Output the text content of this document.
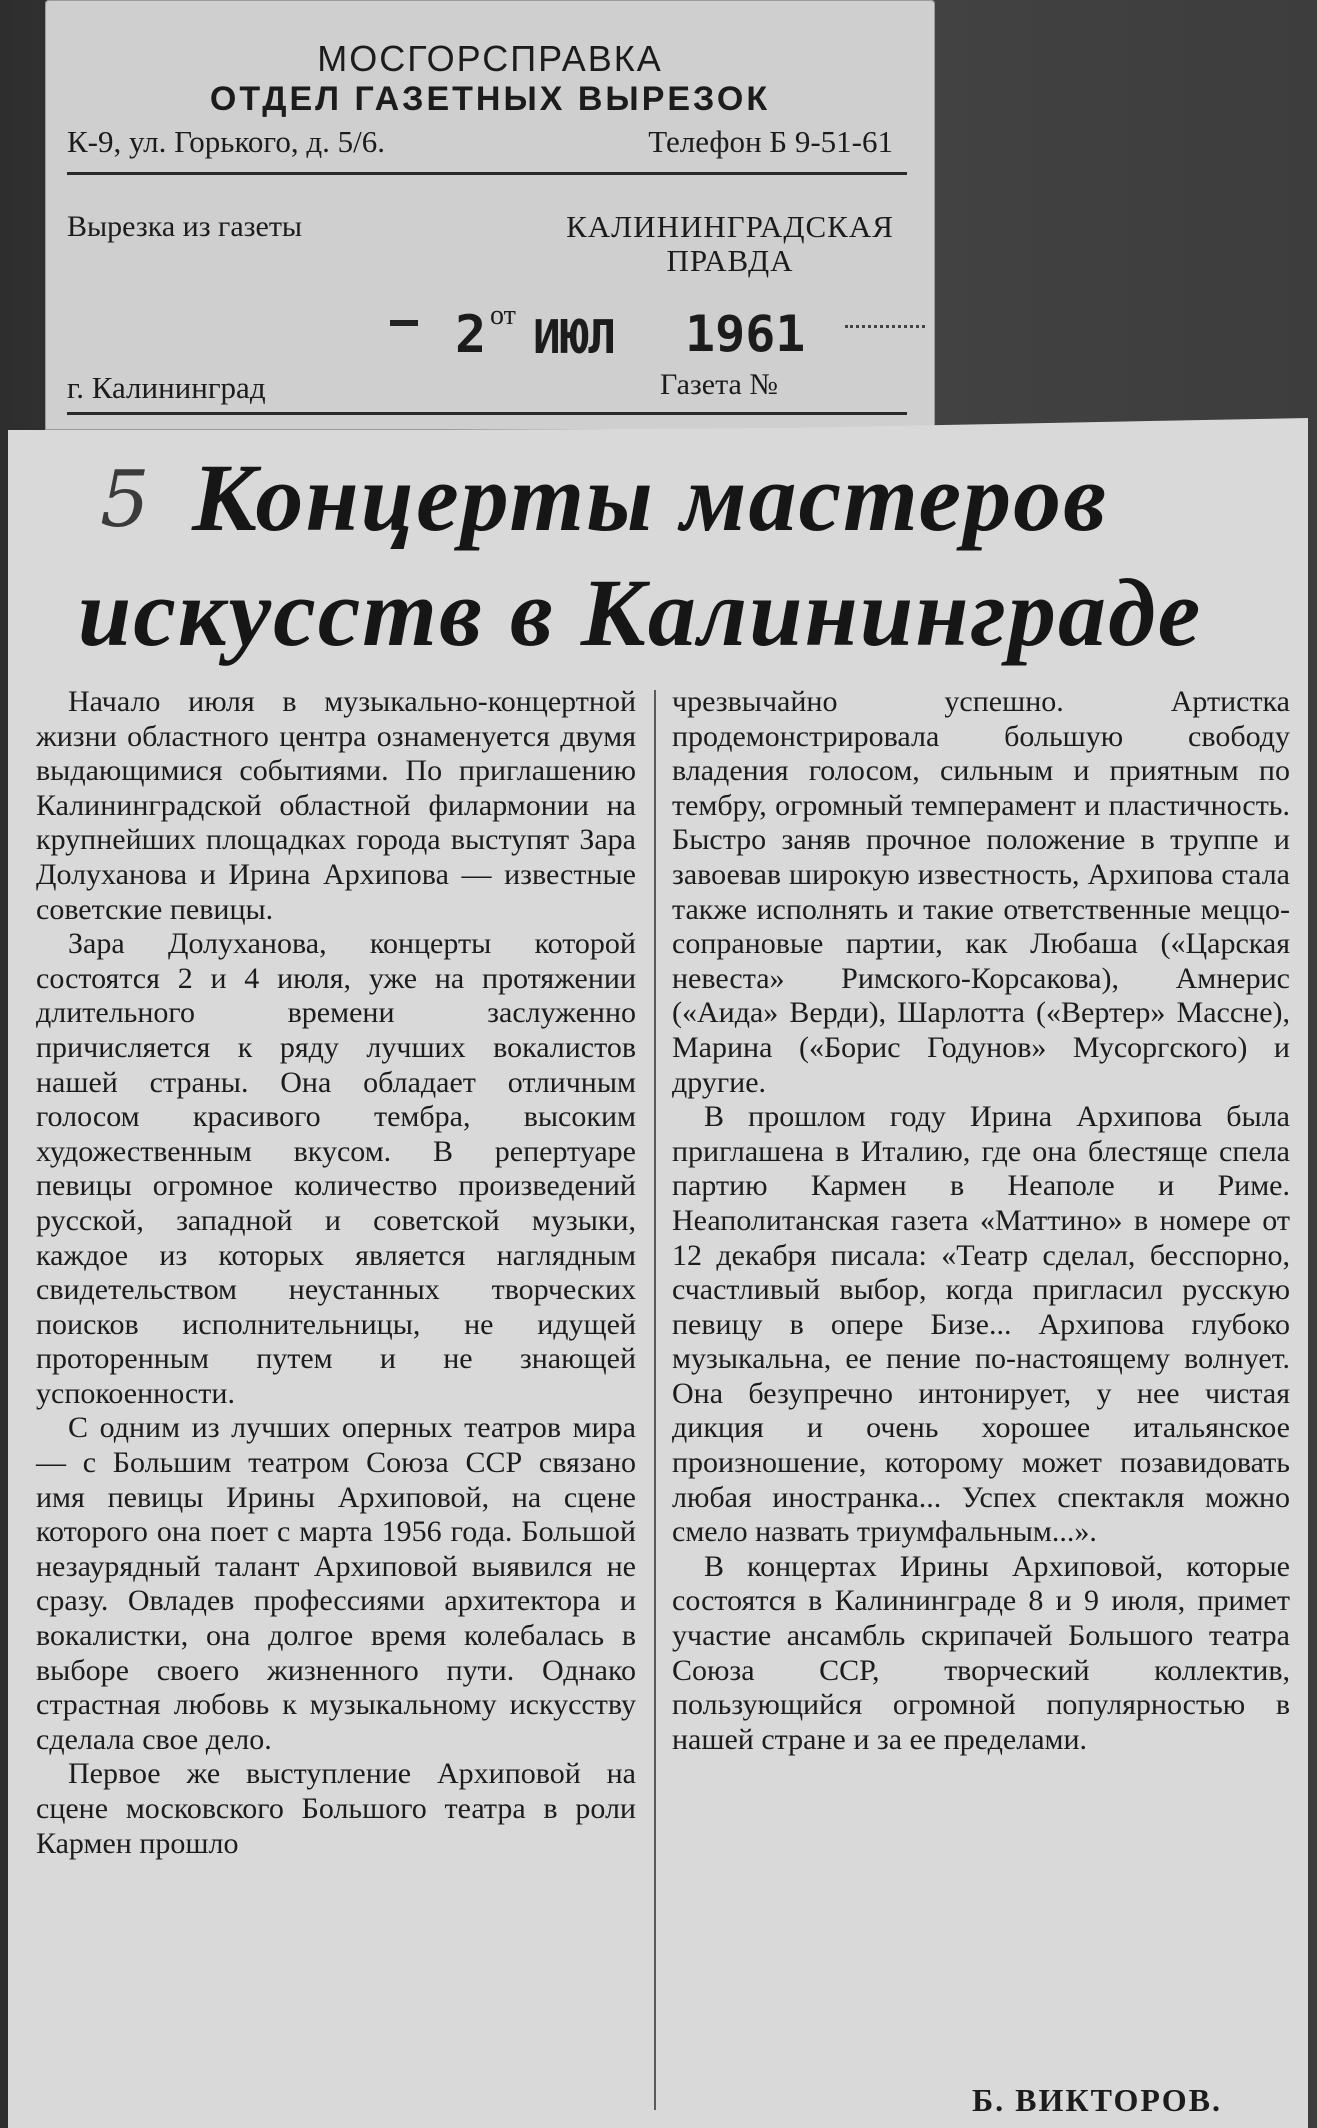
МОСГОРСПРАВКА
ОТДЕЛ ГАЗЕТНЫХ ВЫРЕЗОК
К-9, ул. Горького, д. 5/6.	Телефон Б 9-51-61
Вырезка из газеты	КАЛИНИНГРАДСКАЯ
ПРАВДА
2 от ИЮЛ 1961
г. Калининград	Газета №
5 Концерты мастеров
искусств в Калининграде

Начало июля в музыкально-концертной жизни областного центра ознаменуется двумя выдающимися событиями. По приглашению Калининградской областной филармонии на крупнейших площадках города выступят Зара Долуханова и Ирина Архипова — известные советские певицы.

Зара Долуханова, концерты которой состоятся 2 и 4 июля, уже на протяжении длительного времени заслуженно причисляется к ряду лучших вокалистов нашей страны. Она обладает отличным голосом красивого тембра, высоким художественным вкусом. В репертуаре певицы огромное количество произведений русской, западной и советской музыки, каждое из которых является наглядным свидетельством неустанных творческих поисков исполнительницы, не идущей проторенным путем и не знающей успокоенности.

С одним из лучших оперных театров мира — с Большим театром Союза ССР связано имя певицы Ирины Архиповой, на сцене которого она поет с марта 1956 года. Большой незаурядный талант Архиповой выявился не сразу. Овладев профессиями архитектора и вокалистки, она долгое время колебалась в выборе своего жизненного пути. Однако страстная любовь к музыкальному искусству сделала свое дело.

Первое же выступление Архиповой на сцене московского Большого театра в роли Кармен прошло

чрезвычайно успешно. Артистка продемонстрировала большую свободу владения голосом, сильным и приятным по тембру, огромный темперамент и пластичность. Быстро заняв прочное положение в труппе и завоевав широкую известность, Архипова стала также исполнять и такие ответственные меццо-сопрановые партии, как Любаша («Царская невеста» Римского-Корсакова), Амнерис («Аида» Верди), Шарлотта («Вертер» Массне), Марина («Борис Годунов» Мусоргского) и другие.

В прошлом году Ирина Архипова была приглашена в Италию, где она блестяще спела партию Кармен в Неаполе и Риме. Неаполитанская газета «Маттино» в номере от 12 декабря писала: «Театр сделал, бесспорно, счастливый выбор, когда пригласил русскую певицу в опере Бизе... Архипова глубоко музыкальна, ее пение по-настоящему волнует. Она безупречно интонирует, у нее чистая дикция и очень хорошее итальянское произношение, которому может позавидовать любая иностранка... Успех спектакля можно смело назвать триумфальным...».

В концертах Ирины Архиповой, которые состоятся в Калининграде 8 и 9 июля, примет участие ансамбль скрипачей Большого театра Союза ССР, творческий коллектив, пользующийся огромной популярностью в нашей стране и за ее пределами.

Б. ВИКТОРОВ.
